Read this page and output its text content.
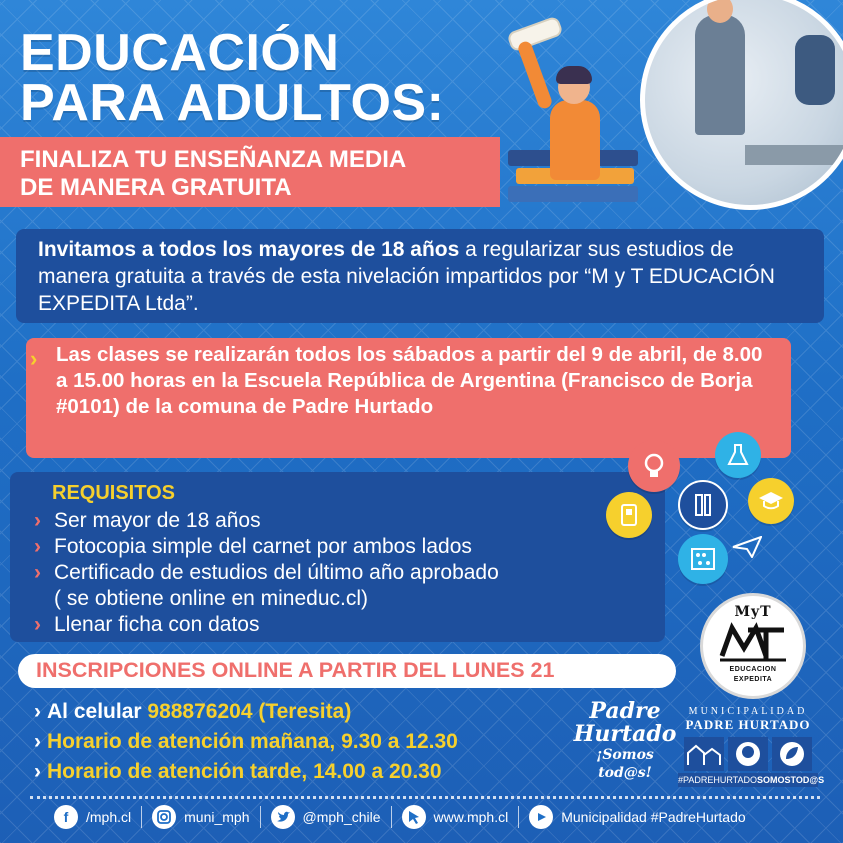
EDUCACIÓN
PARA ADULTOS:
FINALIZA TU ENSEÑANZA MEDIA
DE MANERA GRATUITA
Invitamos a todos los mayores de 18 años a regularizar sus estudios de manera gratuita a través de esta nivelación impartidos por “M y T EDUCACIÓN EXPEDITA Ltda”.
› Las clases se realizarán todos los sábados a partir del 9 de abril, de 8.00 a 15.00 horas en la Escuela República de Argentina (Francisco de Borja #0101) de la comuna de Padre Hurtado
REQUISITOS
› Ser mayor de 18 años
› Fotocopia simple del carnet por ambos lados
› Certificado de estudios del último año aprobado
( se obtiene online en mineduc.cl)
› Llenar ficha con datos
MyT
EDUCACION
EXPEDITA
INSCRIPCIONES ONLINE A PARTIR DEL LUNES 21
› Al celular 988876204 (Teresita)
› Horario de atención mañana, 9.30 a 12.30
› Horario de atención tarde, 14.00 a 20.30
Padre
Hurtado
¡Somos tod@s!
MUNICIPALIDAD
PADRE HURTADO
#PADREHURTADOSOMOSTOD@S
f	/mph.cl	muni_mph	@mph_chile	www.mph.cl	Municipalidad #PadreHurtado
